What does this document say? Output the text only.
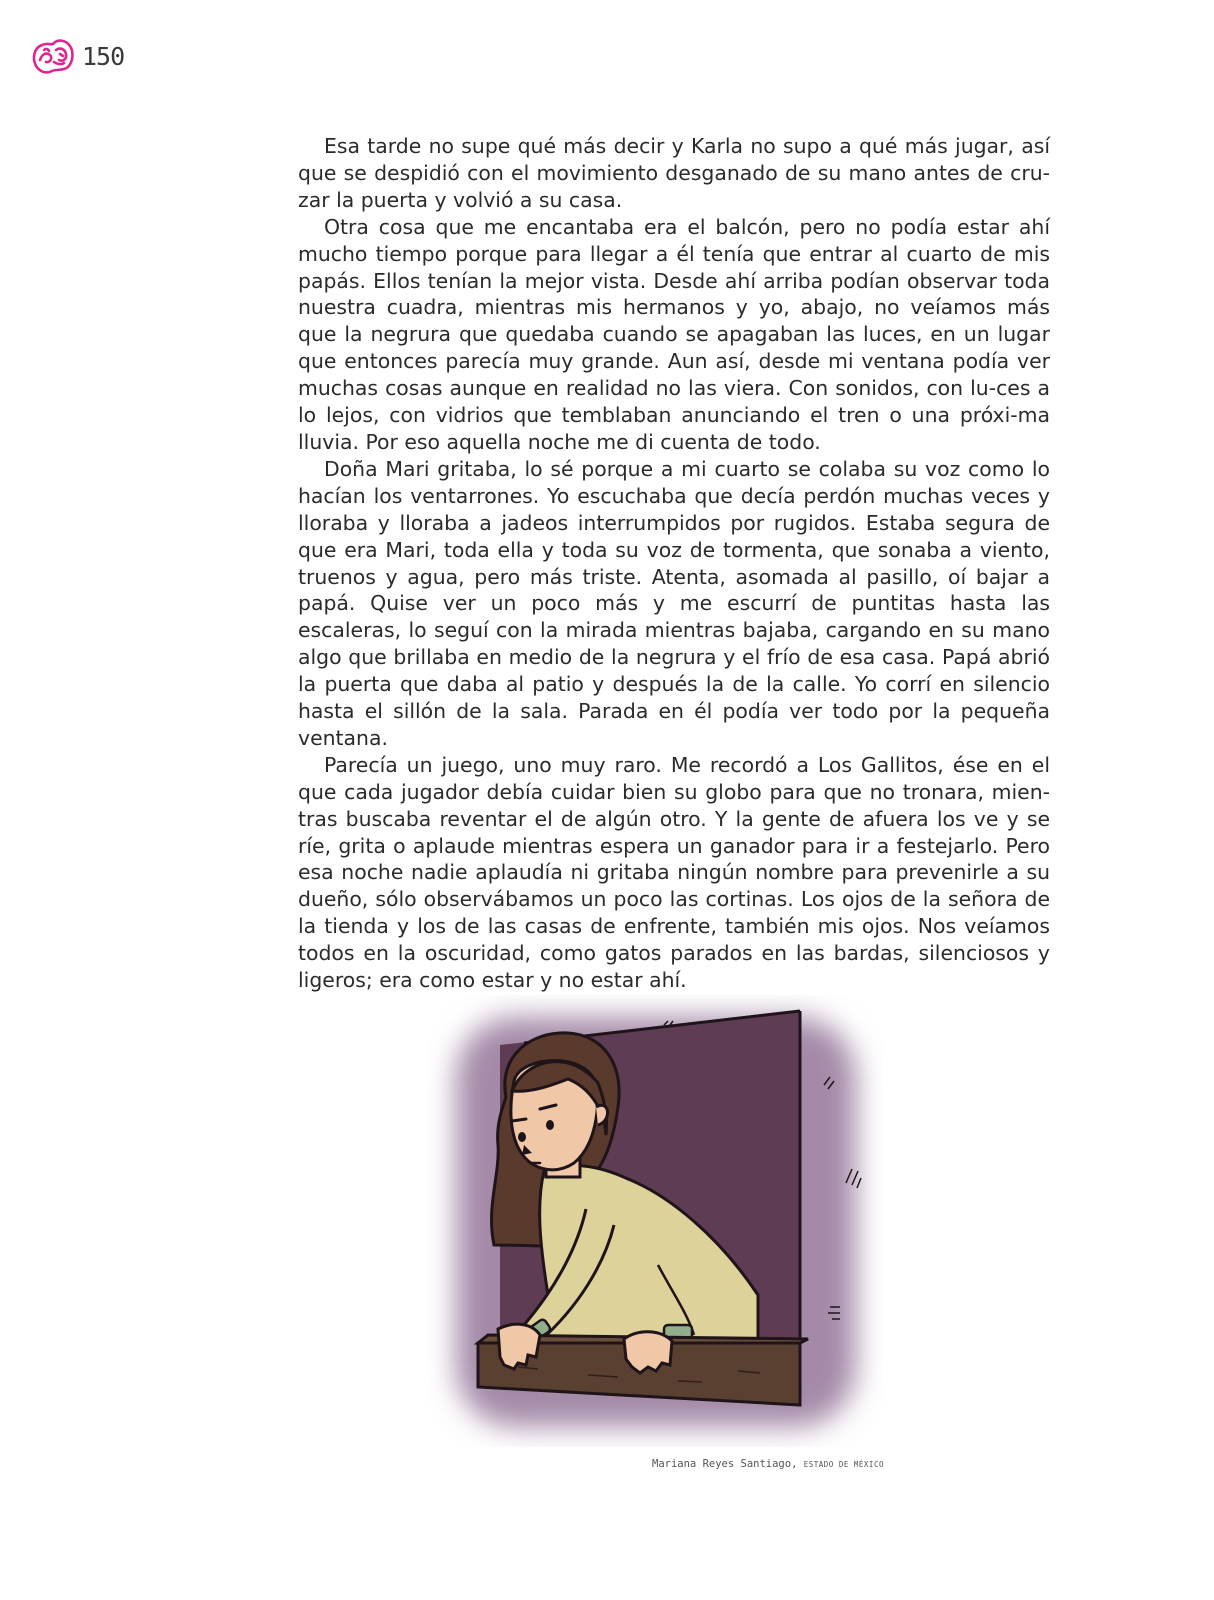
150

Esa tarde no supe qué más decir y Karla no supo a qué más jugar, así que se despidió con el movimiento desganado de su mano antes de cru-zar la puerta y volvió a su casa.

Otra cosa que me encantaba era el balcón, pero no podía estar ahí mucho tiempo porque para llegar a él tenía que entrar al cuarto de mis papás. Ellos tenían la mejor vista. Desde ahí arriba podían observar toda nuestra cuadra, mientras mis hermanos y yo, abajo, no veíamos más que la negrura que quedaba cuando se apagaban las luces, en un lugar que entonces parecía muy grande. Aun así, desde mi ventana podía ver muchas cosas aunque en realidad no las viera. Con sonidos, con lu-ces a lo lejos, con vidrios que temblaban anunciando el tren o una próxi-ma lluvia. Por eso aquella noche me di cuenta de todo.

Doña Mari gritaba, lo sé porque a mi cuarto se colaba su voz como lo hacían los ventarrones. Yo escuchaba que decía perdón muchas veces y lloraba y lloraba a jadeos interrumpidos por rugidos. Estaba segura de que era Mari, toda ella y toda su voz de tormenta, que sonaba a viento, truenos y agua, pero más triste. Atenta, asomada al pasillo, oí bajar a papá. Quise ver un poco más y me escurrí de puntitas hasta las escaleras, lo seguí con la mirada mientras bajaba, cargando en su mano algo que brillaba en medio de la negrura y el frío de esa casa. Papá abrió la puerta que daba al patio y después la de la calle. Yo corrí en silencio hasta el sillón de la sala. Parada en él podía ver todo por la pequeña ventana.

Parecía un juego, uno muy raro. Me recordó a Los Gallitos, ése en el que cada jugador debía cuidar bien su globo para que no tronara, mien-tras buscaba reventar el de algún otro. Y la gente de afuera los ve y se ríe, grita o aplaude mientras espera un ganador para ir a festejarlo. Pero esa noche nadie aplaudía ni gritaba ningún nombre para prevenirle a su dueño, sólo observábamos un poco las cortinas. Los ojos de la señora de la tienda y los de las casas de enfrente, también mis ojos. Nos veíamos todos en la oscuridad, como gatos parados en las bardas, silenciosos y ligeros; era como estar y no estar ahí.

Mariana Reyes Santiago, ESTADO DE MÉXICO
